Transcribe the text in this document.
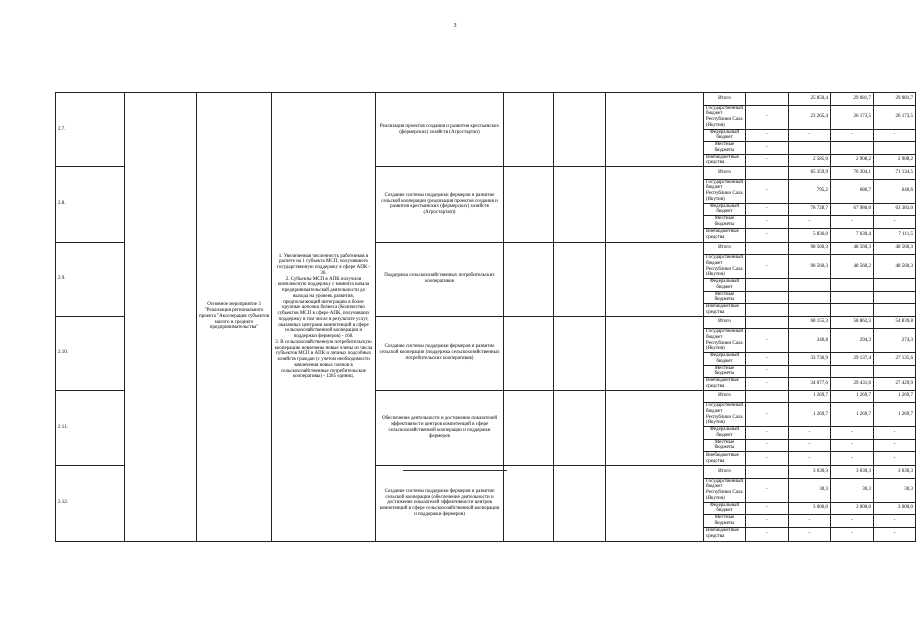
3
2.7.		Основное мероприятие 3 "Реализация регионального проекта "Акселерация субъектов малого и среднего предпринимательства"	1. Увеличенная численность работников в расчете на 1 субъекта МСП, получившего государственную поддержку в сфере АПК - 36.
2. Субъекты МСП в АПК получили комплексную поддержку с момента начала предпринимательской деятельности до выхода на уровень развития, предполагающий интеграцию в более крупные цепочки бизнеса (Количество субъектов МСП в сфере АПК, получивших поддержку в том числе в результате услуг, оказанных центрами компетенций в сфере сельскохозяйственной кооперации и поддержки фермеров) - 168.
3. В сельскохозяйственную потребительскую кооперацию вовлечены новые члены из числа субъектов МСП в АПК и личных подсобных хозяйств граждан (с учетом необходимости вовлечения новых членов в сельскохозяйственные потребительские кооперативы) - 1285 единиц.	Реализация проектов создания и развития крестьянских (фермерских) хозяйств (Агростартап)				Итого		25 850,4	29 081,7	29 081,7	
								Государственный бюджет Республики Саха (Якутия)	-	23 265,4	26 173,5	26 173,5	
								Федеральный бюджет	-	-	-	-	
								Местные бюджеты	-				
								Внебюджетные средства	-	2 585,0	2 908,2	2 908,2	
2.8.				Создание системы поддержки фермеров и развитие сельской кооперации (реализация проектов создания и развития крестьянских (фермерских) хозяйств (Агростартап))				Итого		85 359,9	76 304,1	71 134,5	
								Государственный бюджет Республики Саха (Якутия)	-	795,2	686,7	640,6	
								Федеральный бюджет	-	78 728,7	67 986,0	63 383,0	
								Местные бюджеты	-	-	-	-	
								Внебюджетные средства	-	5 836,0	7 630,4	7 111,5	
2.9.				Поддержка сельскохозяйственных потребительских кооперативов				Итого		98 560,3	48 560,3	48 560,3	
								Государственный бюджет Республики Саха (Якутия)	-	98 560,3	48 560,2	48 560,3	
								Федеральный бюджет					
								Местные бюджеты					
								Внебюджетные средства					
2.10.				Создание системы поддержки фермеров и развитие сельской кооперации (поддержка сельскохозяйственных потребительских кооперативов)				Итого		68 155,3	58 862,3	54 839,8	
								Государственный бюджет Республики Саха (Якутия)	-	340,8	294,3	274,3	
								Федеральный бюджет	-	33 736,9	29 137,4	27 135,6	
								Местные бюджеты	-				
								Внебюджетные средства	-	34 077,6	29 431,6	27 429,9	
2.11.				Обеспечение деятельности и достижение показателей эффективности центров компетенций в сфере сельскохозяйственной кооперации и поддержки фермеров				Итого		1 269,7	1 269,7	1 269,7	
								Государственный бюджет Республики Саха (Якутия)	-	1 269,7	1 269,7	1 269,7	
								Федеральный бюджет	-	-	-	-	
								Местные бюджеты	-	-	-	-	
								Внебюджетные средства	-	-	-	-	
2.12.				Создание системы поддержки фермеров и развитие сельской кооперации (обеспечение деятельности и достижение показателей эффективности центров компетенций в сфере сельскохозяйственной кооперации и поддержки фермеров)				Итого		3 030,3	3 030,3	3 030,3	
								Государственный бюджет Республики Саха (Якутия)	-	30,3	30,3	30,3	
								Федеральный бюджет	-	3 000,0	3 000,0	3 000,0	
								Местные бюджеты	-	-	-	-	
								Внебюджетные средства	-	-	-	-	
